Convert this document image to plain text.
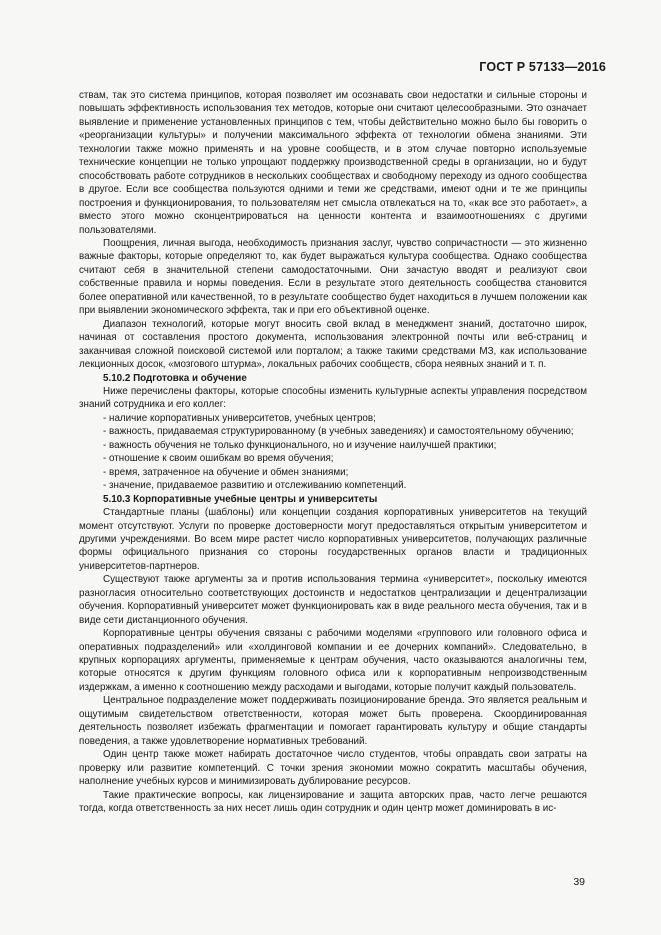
ГОСТ Р 57133—2016

ствам, так это система принципов, которая позволяет им осознавать свои недостатки и сильные стороны и повышать эффективность использования тех методов, которые они считают целесообразными. Это означает выявление и применение установленных принципов с тем, чтобы действительно можно было бы говорить о «реорганизации культуры» и получении максимального эффекта от технологии обмена знаниями. Эти технологии также можно применять и на уровне сообществ, и в этом случае повторно используемые технические концепции не только упрощают поддержку производственной среды в организации, но и будут способствовать работе сотрудников в нескольких сообществах и свободному переходу из одного сообщества в другое. Если все сообщества пользуются одними и теми же средствами, имеют одни и те же принципы построения и функционирования, то пользователям нет смысла отвлекаться на то, «как все это работает», а вместо этого можно сконцентрироваться на ценности контента и взаимоотношениях с другими пользователями.

Поощрения, личная выгода, необходимость признания заслуг, чувство сопричастности — это жизненно важные факторы, которые определяют то, как будет выражаться культура сообщества. Однако сообщества считают себя в значительной степени самодостаточными. Они зачастую вводят и реализуют свои собственные правила и нормы поведения. Если в результате этого деятельность сообщества становится более оперативной или качественной, то в результате сообщество будет находиться в лучшем положении как при выявлении экономического эффекта, так и при его объективной оценке.

Диапазон технологий, которые могут вносить свой вклад в менеджмент знаний, достаточно широк, начиная от составления простого документа, использования электронной почты или веб-страниц и заканчивая сложной поисковой системой или порталом; а также такими средствами МЗ, как использование лекционных досок, «мозгового штурма», локальных рабочих сообществ, сбора неявных знаний и т. п.

5.10.2 Подготовка и обучение

Ниже перечислены факторы, которые способны изменить культурные аспекты управления посредством знаний сотрудника и его коллег:

- наличие корпоративных университетов, учебных центров;

- важность, придаваемая структурированному (в учебных заведениях) и самостоятельному обучению;

- важность обучения не только функционального, но и изучение наилучшей практики;

- отношение к своим ошибкам во время обучения;

- время, затраченное на обучение и обмен знаниями;

- значение, придаваемое развитию и отслеживанию компетенций.

5.10.3 Корпоративные учебные центры и университеты

Стандартные планы (шаблоны) или концепции создания корпоративных университетов на текущий момент отсутствуют. Услуги по проверке достоверности могут предоставляться открытым университетом и другими учреждениями. Во всем мире растет число корпоративных университетов, получающих различные формы официального признания со стороны государственных органов власти и традиционных университетов-партнеров.

Существуют также аргументы за и против использования термина «университет», поскольку имеются разногласия относительно соответствующих достоинств и недостатков централизации и децентрализации обучения. Корпоративный университет может функционировать как в виде реального места обучения, так и в виде сети дистанционного обучения.

Корпоративные центры обучения связаны с рабочими моделями «группового или головного офиса и оперативных подразделений» или «холдинговой компании и ее дочерних компаний». Следовательно, в крупных корпорациях аргументы, применяемые к центрам обучения, часто оказываются аналогичны тем, которые относятся к другим функциям головного офиса или к корпоративным непроизводственным издержкам, а именно к соотношению между расходами и выгодами, которые получит каждый пользователь.

Центральное подразделение может поддерживать позиционирование бренда. Это является реальным и ощутимым свидетельством ответственности, которая может быть проверена. Скоординированная деятельность позволяет избежать фрагментации и помогает гарантировать культуру и общие стандарты поведения, а также удовлетворение нормативных требований.

Один центр также может набирать достаточное число студентов, чтобы оправдать свои затраты на проверку или развитие компетенций. С точки зрения экономии можно сократить масштабы обучения, наполнение учебных курсов и минимизировать дублирование ресурсов.

Такие практические вопросы, как лицензирование и защита авторских прав, часто легче решаются тогда, когда ответственность за них несет лишь один сотрудник и один центр может доминировать в ис-

39
